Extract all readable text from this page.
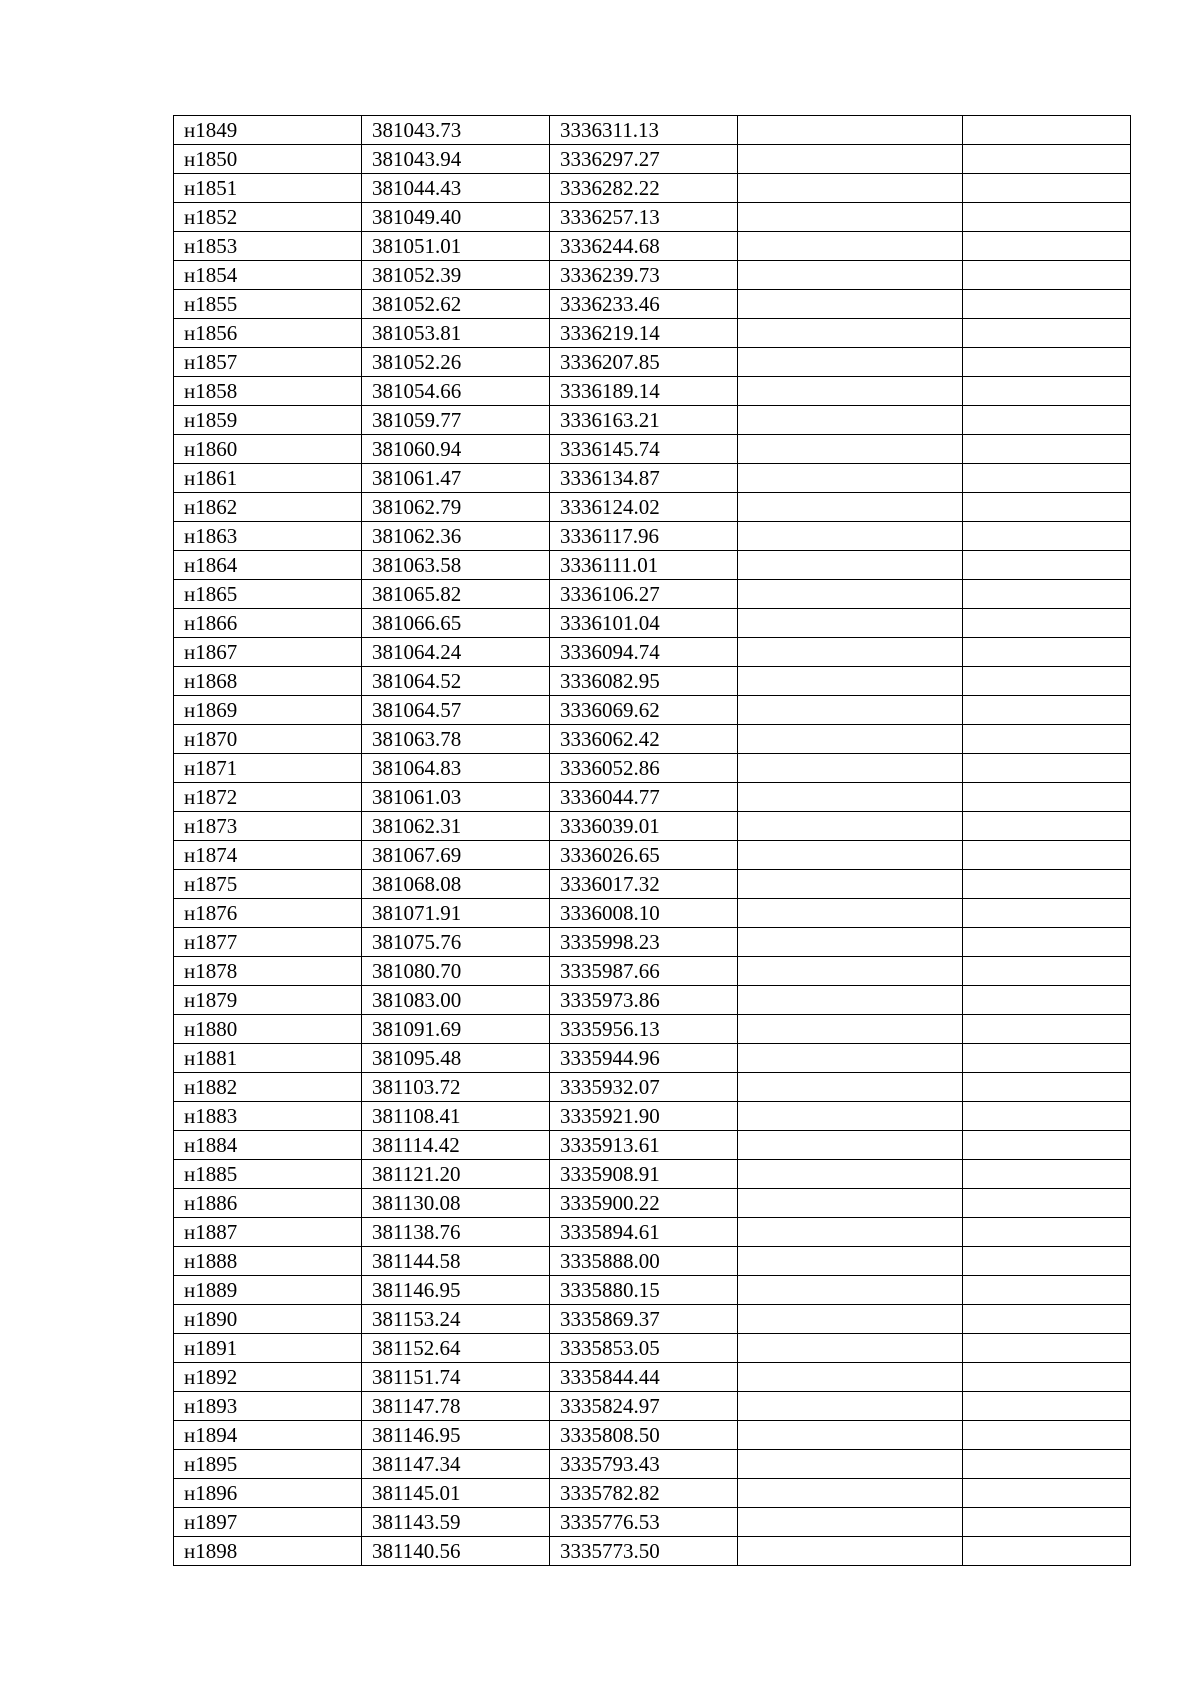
н1849	381043.73	3336311.13		
н1850	381043.94	3336297.27		
н1851	381044.43	3336282.22		
н1852	381049.40	3336257.13		
н1853	381051.01	3336244.68		
н1854	381052.39	3336239.73		
н1855	381052.62	3336233.46		
н1856	381053.81	3336219.14		
н1857	381052.26	3336207.85		
н1858	381054.66	3336189.14		
н1859	381059.77	3336163.21		
н1860	381060.94	3336145.74		
н1861	381061.47	3336134.87		
н1862	381062.79	3336124.02		
н1863	381062.36	3336117.96		
н1864	381063.58	3336111.01		
н1865	381065.82	3336106.27		
н1866	381066.65	3336101.04		
н1867	381064.24	3336094.74		
н1868	381064.52	3336082.95		
н1869	381064.57	3336069.62		
н1870	381063.78	3336062.42		
н1871	381064.83	3336052.86		
н1872	381061.03	3336044.77		
н1873	381062.31	3336039.01		
н1874	381067.69	3336026.65		
н1875	381068.08	3336017.32		
н1876	381071.91	3336008.10		
н1877	381075.76	3335998.23		
н1878	381080.70	3335987.66		
н1879	381083.00	3335973.86		
н1880	381091.69	3335956.13		
н1881	381095.48	3335944.96		
н1882	381103.72	3335932.07		
н1883	381108.41	3335921.90		
н1884	381114.42	3335913.61		
н1885	381121.20	3335908.91		
н1886	381130.08	3335900.22		
н1887	381138.76	3335894.61		
н1888	381144.58	3335888.00		
н1889	381146.95	3335880.15		
н1890	381153.24	3335869.37		
н1891	381152.64	3335853.05		
н1892	381151.74	3335844.44		
н1893	381147.78	3335824.97		
н1894	381146.95	3335808.50		
н1895	381147.34	3335793.43		
н1896	381145.01	3335782.82		
н1897	381143.59	3335776.53		
н1898	381140.56	3335773.50		
